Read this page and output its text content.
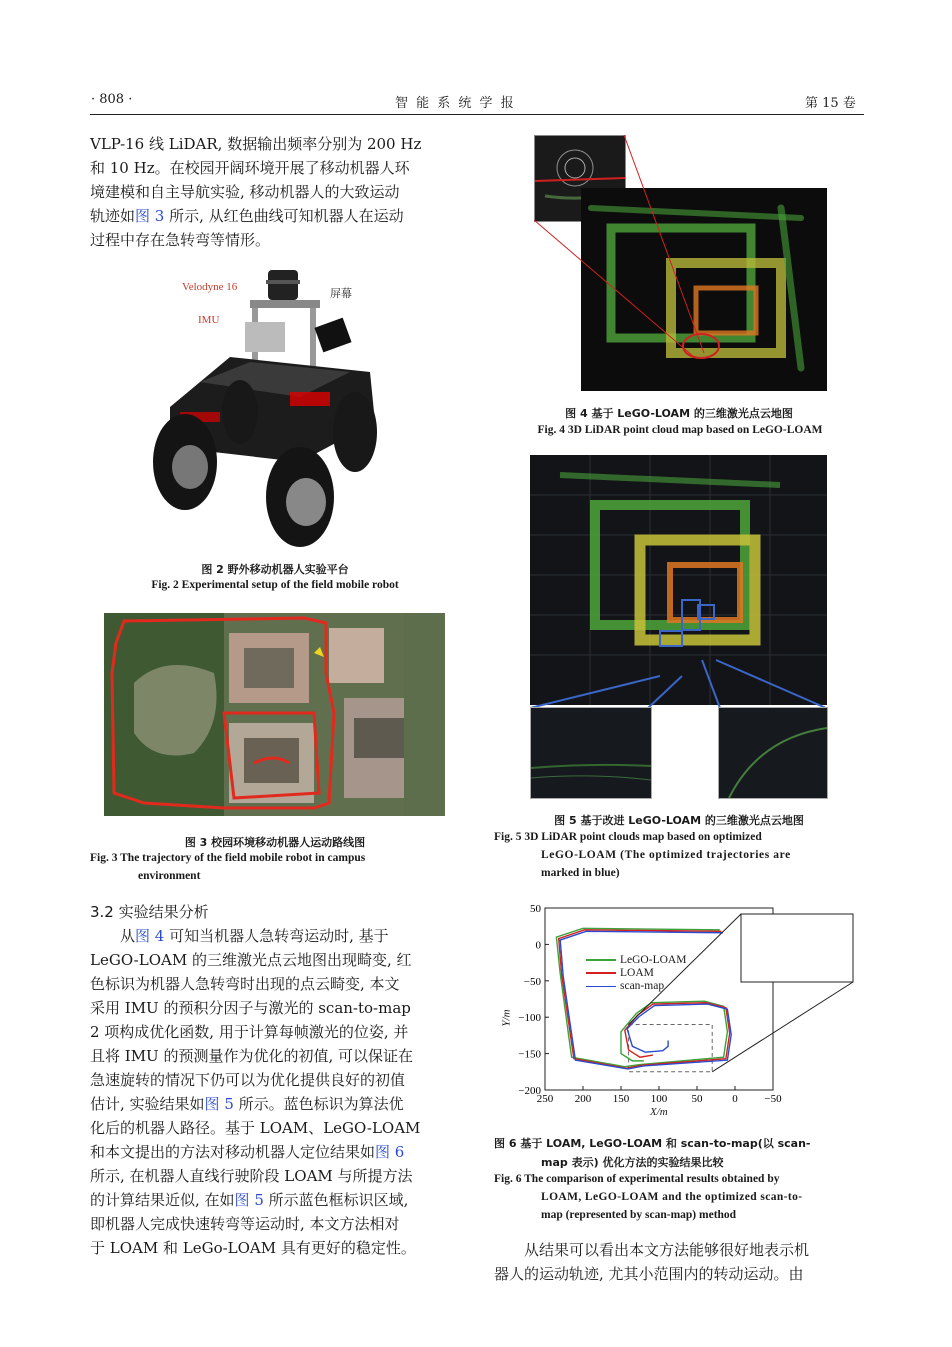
· 808 ·	智 能 系 统 学 报	第 15 卷
VLP-16 线 LiDAR, 数据输出频率分别为 200 Hz
和 10 Hz。在校园开阔环境开展了移动机器人环
境建模和自主导航实验, 移动机器人的大致运动
轨迹如图 3 所示, 从红色曲线可知机器人在运动
过程中存在急转弯等情形。
Velodyne 16
IMU
屏幕
图 2 野外移动机器人实验平台
Fig. 2 Experimental setup of the field mobile robot
图 3 校园环境移动机器人运动路线图
Fig. 3 The trajectory of the field mobile robot in campus
environment
3.2 实验结果分析
从图 4 可知当机器人急转弯运动时, 基于
LeGO-LOAM 的三维激光点云地图出现畸变, 红
色标识为机器人急转弯时出现的点云畸变, 本文
采用 IMU 的预积分因子与激光的 scan-to-map
2 项构成优化函数, 用于计算每帧激光的位姿, 并
且将 IMU 的预测量作为优化的初值, 可以保证在
急速旋转的情况下仍可以为优化提供良好的初值
估计, 实验结果如图 5 所示。蓝色标识为算法优
化后的机器人路径。基于 LOAM、LeGO-LOAM
和本文提出的方法对移动机器人定位结果如图 6
所示, 在机器人直线行驶阶段 LOAM 与所提方法
的计算结果近似, 在如图 5 所示蓝色框标识区域,
即机器人完成快速转弯等运动时, 本文方法相对
于 LOAM 和 LeGo-LOAM 具有更好的稳定性。
图 4 基于 LeGO-LOAM 的三维激光点云地图
Fig. 4 3D LiDAR point cloud map based on LeGO-LOAM
图 5 基于改进 LeGO-LOAM 的三维激光点云地图
Fig. 5 3D LiDAR point clouds map based on optimized
LeGO-LOAM (The optimized trajectories are
marked in blue)
250 200 150 100 50	0 −50
50
0
−50
−100
−150
−200
LeGO-LOAM
LOAM
scan-map
X/m
Y/m
图 6 基于 LOAM, LeGO-LOAM 和 scan-to-map(以 scan-
map 表示) 优化方法的实验结果比较
Fig. 6 The comparison of experimental results obtained by
LOAM, LeGO-LOAM and the optimized scan-to-
map (represented by scan-map) method
从结果可以看出本文方法能够很好地表示机
器人的运动轨迹, 尤其小范围内的转动运动。由
